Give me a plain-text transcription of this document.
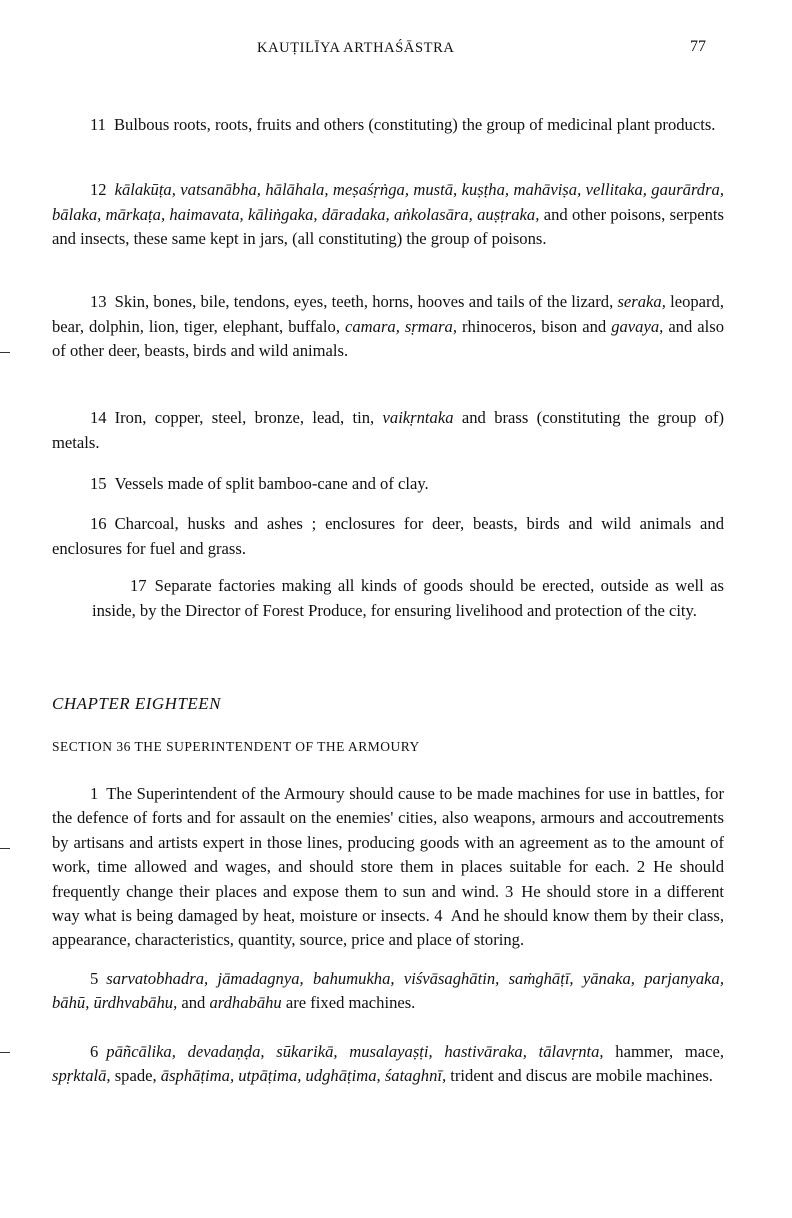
KAUṬILĪYA ARTHAŚĀSTRA	77
11 Bulbous roots, roots, fruits and others (constituting) the group of medicinal plant products.
12 kālakūṭa, vatsanābha, hālāhala, meṣaśṛṅga, mustā, kuṣṭha, mahāviṣa, vellitaka, gaurārdra, bālaka, mārkaṭa, haimavata, kāliṅgaka, dāradaka, aṅkolasāra, auṣṭraka, and other poisons, serpents and insects, these same kept in jars, (all constituting) the group of poisons.
13 Skin, bones, bile, tendons, eyes, teeth, horns, hooves and tails of the lizard, seraka, leopard, bear, dolphin, lion, tiger, elephant, buffalo, camara, sṛmara, rhinoceros, bison and gavaya, and also of other deer, beasts, birds and wild animals.
14 Iron, copper, steel, bronze, lead, tin, vaikṛntaka and brass (constituting the group of) metals.
15 Vessels made of split bamboo-cane and of clay.
16 Charcoal, husks and ashes ; enclosures for deer, beasts, birds and wild animals and enclosures for fuel and grass.
17 Separate factories making all kinds of goods should be erected, outside as well as inside, by the Director of Forest Produce, for ensuring livelihood and protection of the city.
CHAPTER EIGHTEEN
SECTION 36 THE SUPERINTENDENT OF THE ARMOURY

1 The Superintendent of the Armoury should cause to be made machines for use in battles, for the defence of forts and for assault on the enemies' cities, also weapons, armours and accoutrements by artisans and artists expert in those lines, producing goods with an agreement as to the amount of work, time allowed and wages, and should store them in places suitable for each. 2 He should frequently change their places and expose them to sun and wind. 3 He should store in a different way what is being damaged by heat, moisture or insects. 4 And he should know them by their class, appearance, characteristics, quantity, source, price and place of storing.

5 sarvatobhadra, jāmadagnya, bahumukha, viśvāsaghātin, saṁghāṭī, yānaka, parjanyaka, bāhū, ūrdhvabāhu, and ardhabāhu are fixed machines.

6 pāñcālika, devadaṇḍa, sūkarikā, musalayaṣṭi, hastivāraka, tālavṛnta, hammer, mace, spṛktalā, spade, āsphāṭima, utpāṭima, udghāṭima, śataghnī, trident and discus are mobile machines.
